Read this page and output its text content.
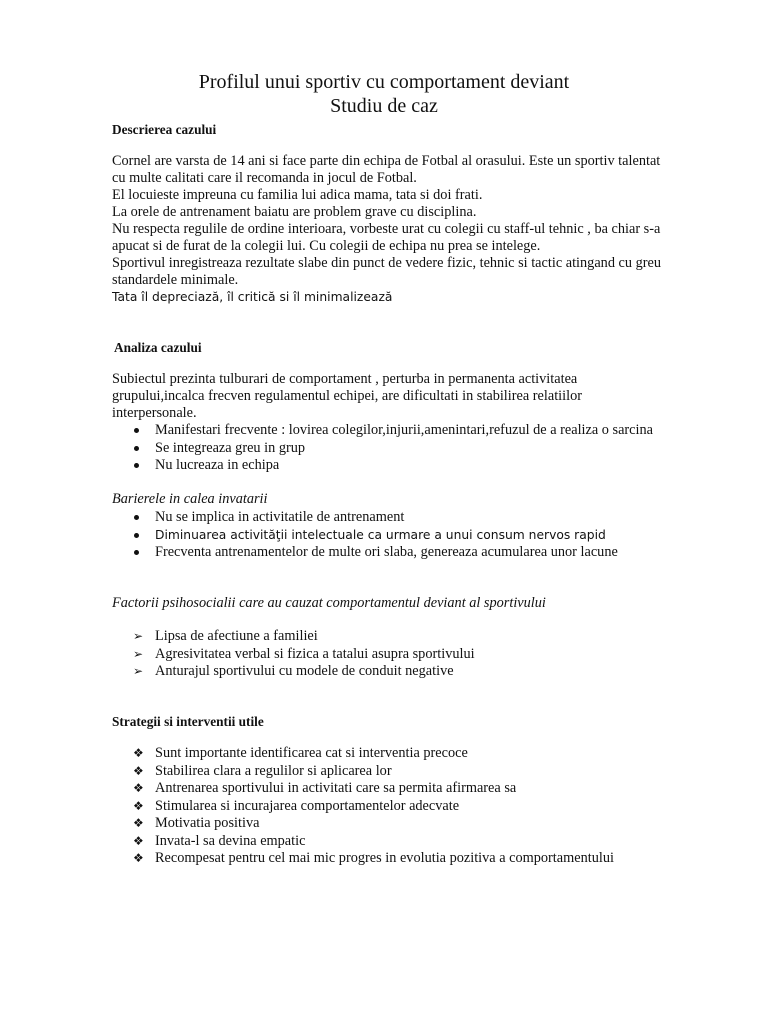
Profilul unui sportiv cu comportament deviant
Studiu de caz
Descrierea cazului
Cornel are varsta de 14 ani si face parte din echipa de Fotbal al orasului. Este un sportiv talentat
cu multe calitati care il recomanda in jocul de Fotbal.
El locuieste impreuna cu familia lui adica mama, tata si doi frati.
La orele de antrenament baiatu are problem grave cu disciplina.
Nu respecta regulile de ordine interioara, vorbeste urat cu colegii cu staff-ul tehnic , ba chiar s-a
apucat si de furat de la colegii lui. Cu colegii de echipa nu prea se intelege.
Sportivul inregistreaza rezultate slabe din punct de vedere fizic, tehnic si tactic atingand cu greu
standardele minimale.
Tata îl depreciază, îl critică si îl minimalizează
Analiza cazului
Subiectul prezinta tulburari de comportament , perturba in permanenta activitatea
grupului,incalca frecven regulamentul echipei, are dificultati in stabilirea relatiilor
interpersonale.
Manifestari frecvente : lovirea colegilor,injurii,amenintari,refuzul de a realiza o sarcina
Se integreaza greu in grup
Nu lucreaza in echipa
Barierele in calea invatarii
Nu se implica in activitatile de antrenament
Diminuarea activităţii intelectuale ca urmare a unui consum nervos rapid
Frecventa antrenamentelor de multe ori slaba, genereaza acumularea unor lacune
Factorii psihosocialii care au cauzat comportamentul deviant al sportivului
➢ Lipsa de afectiune a familiei
➢ Agresivitatea verbal si fizica a tatalui asupra sportivului
➢ Anturajul sportivului cu modele de conduit negative
Strategii si interventii utile
❖ Sunt importante identificarea cat si interventia precoce
❖ Stabilirea clara a regulilor si aplicarea lor
❖ Antrenarea sportivului in activitati care sa permita afirmarea sa
❖ Stimularea si incurajarea comportamentelor adecvate
❖ Motivatia positiva
❖ Invata-l sa devina empatic
❖ Recompesat pentru cel mai mic progres in evolutia pozitiva a comportamentului
